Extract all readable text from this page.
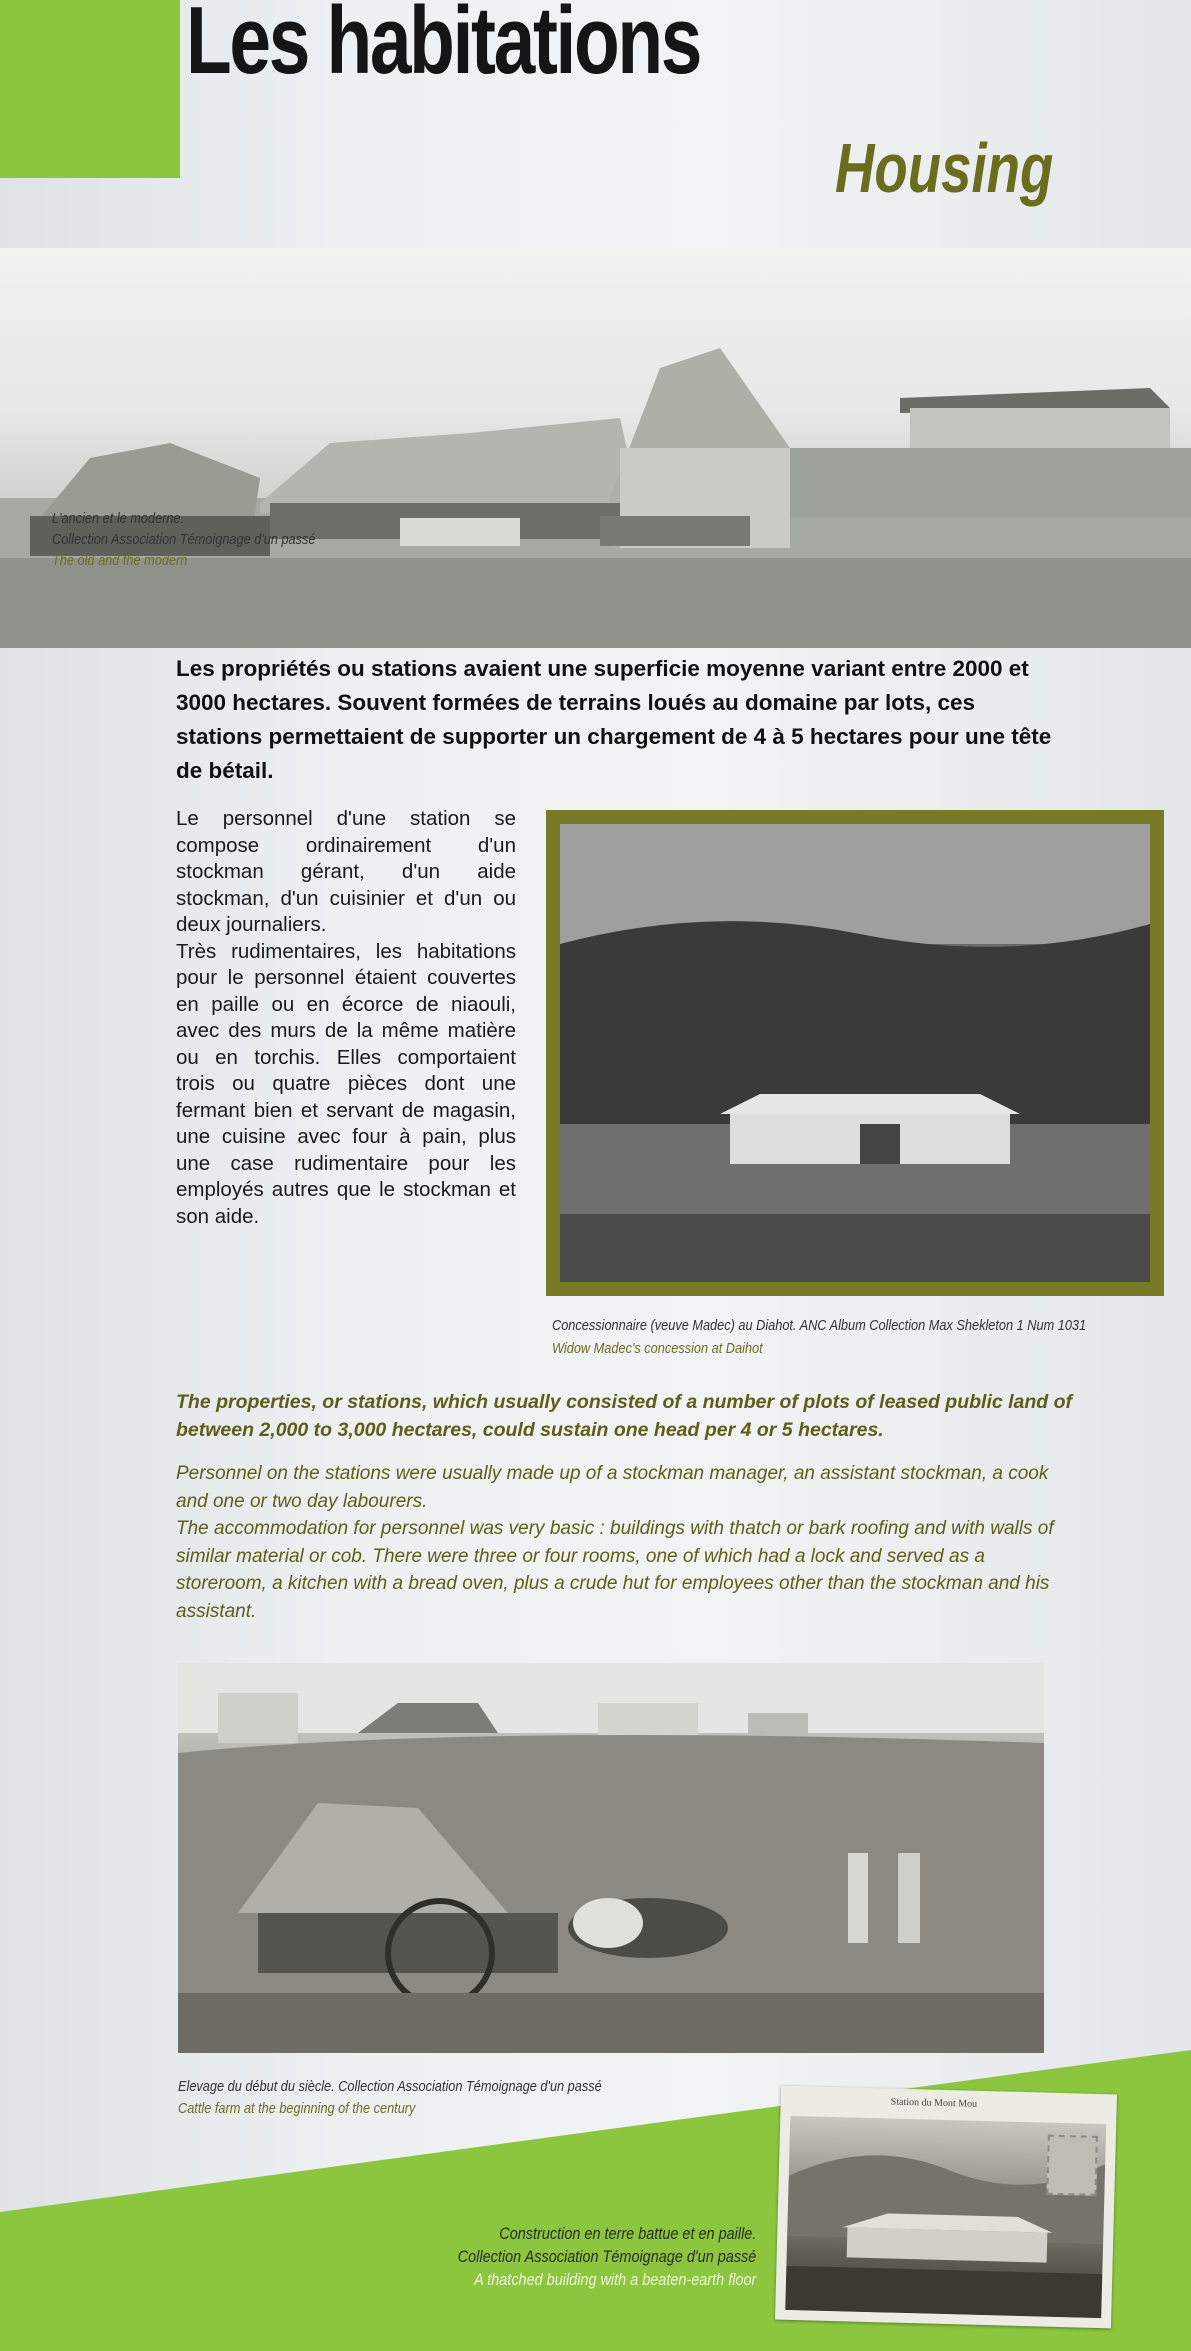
Les habitations
Housing
L'ancien et le moderne.
Collection Association Témoignage d'un passé
The old and the modern
Les propriétés ou stations avaient une superficie moyenne variant entre 2000 et 3000 hectares. Souvent formées de terrains loués au domaine par lots, ces stations permettaient de supporter un chargement de 4 à 5 hectares pour une tête de bétail.

Le personnel d'une station se compose ordinairement d'un stockman gérant, d'un aide stockman, d'un cuisinier et d'un ou deux journaliers.

Très rudimentaires, les habitations pour le personnel étaient couvertes en paille ou en écorce de niaouli, avec des murs de la même matière ou en torchis. Elles comportaient trois ou quatre pièces dont une fermant bien et servant de magasin, une cuisine avec four à pain, plus une case rudimentaire pour les employés autres que le stockman et son aide.

Concessionnaire (veuve Madec) au Diahot. ANC Album Collection Max Shekleton 1 Num 1031
Widow Madec's concession at Daihot
The properties, or stations, which usually consisted of a number of plots of leased public land of between 2,000 to 3,000 hectares, could sustain one head per 4 or 5 hectares.

Personnel on the stations were usually made up of a stockman manager, an assistant stockman, a cook and one or two day labourers.

The accommodation for personnel was very basic : buildings with thatch or bark roofing and with walls of similar material or cob. There were three or four rooms, one of which had a lock and served as a storeroom, a kitchen with a bread oven, plus a crude hut for employees other than the stockman and his assistant.

Elevage du début du siècle. Collection Association Témoignage d'un passé
Cattle farm at the beginning of the century	Station du Mont Mou
Construction en terre battue et en paille.
Collection Association Témoignage d'un passé
A thatched building with a beaten-earth floor
